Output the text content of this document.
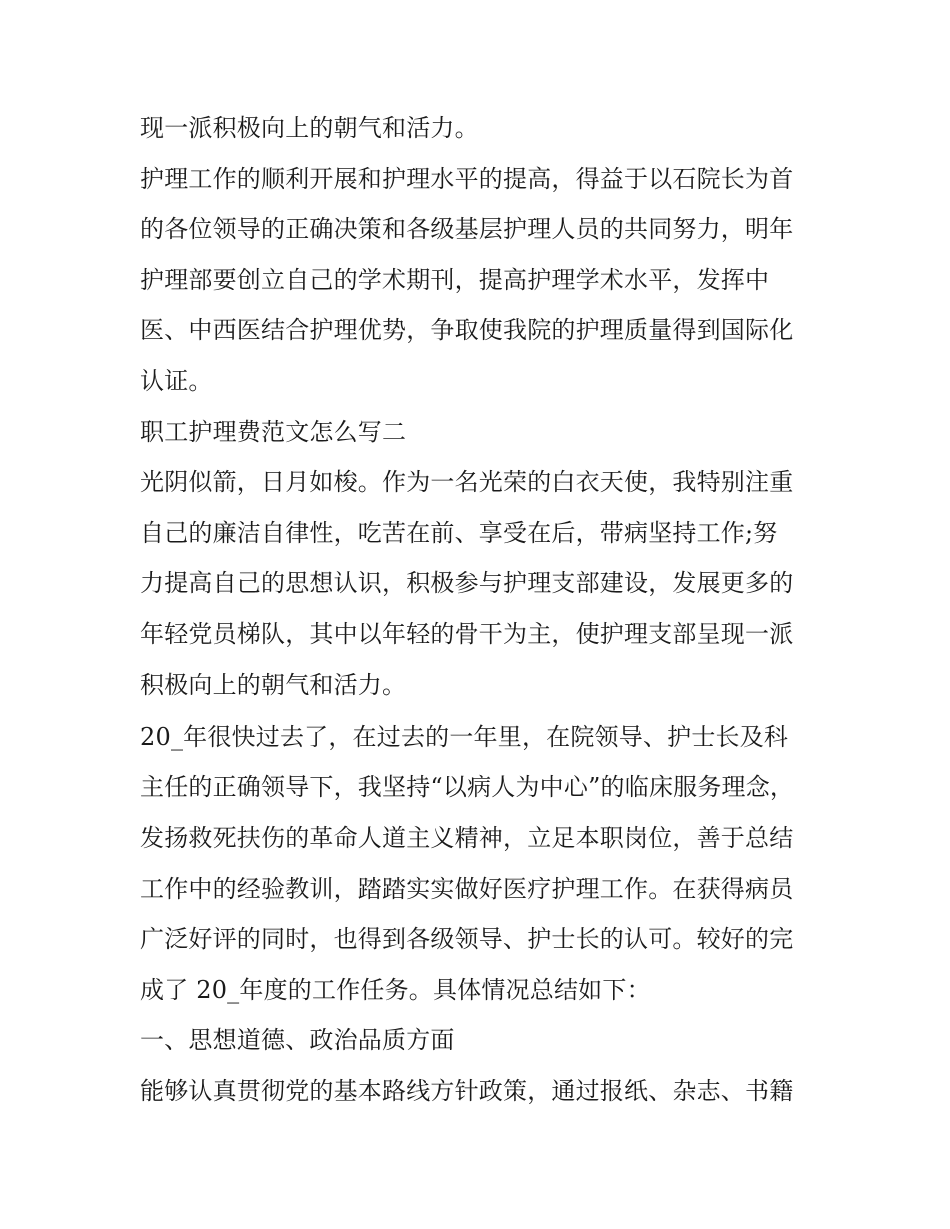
现一派积极向上的朝气和活力。
护理工作的顺利开展和护理水平的提高，得益于以石院长为首
的各位领导的正确决策和各级基层护理人员的共同努力，明年
护理部要创立自己的学术期刊，提高护理学术水平，发挥中
医、中西医结合护理优势，争取使我院的护理质量得到国际化
认证。
职工护理费范文怎么写二
光阴似箭，日月如梭。作为一名光荣的白衣天使，我特别注重
自己的廉洁自律性，吃苦在前、享受在后，带病坚持工作;努
力提高自己的思想认识，积极参与护理支部建设，发展更多的
年轻党员梯队，其中以年轻的骨干为主，使护理支部呈现一派
积极向上的朝气和活力。
20_年很快过去了，在过去的一年里，在院领导、护士长及科
主任的正确领导下，我坚持“以病人为中心”的临床服务理念，
发扬救死扶伤的革命人道主义精神，立足本职岗位，善于总结
工作中的经验教训，踏踏实实做好医疗护理工作。在获得病员
广泛好评的同时，也得到各级领导、护士长的认可。较好的完
成了 20_年度的工作任务。具体情况总结如下：
一、思想道德、政治品质方面
能够认真贯彻党的基本路线方针政策，通过报纸、杂志、书籍
